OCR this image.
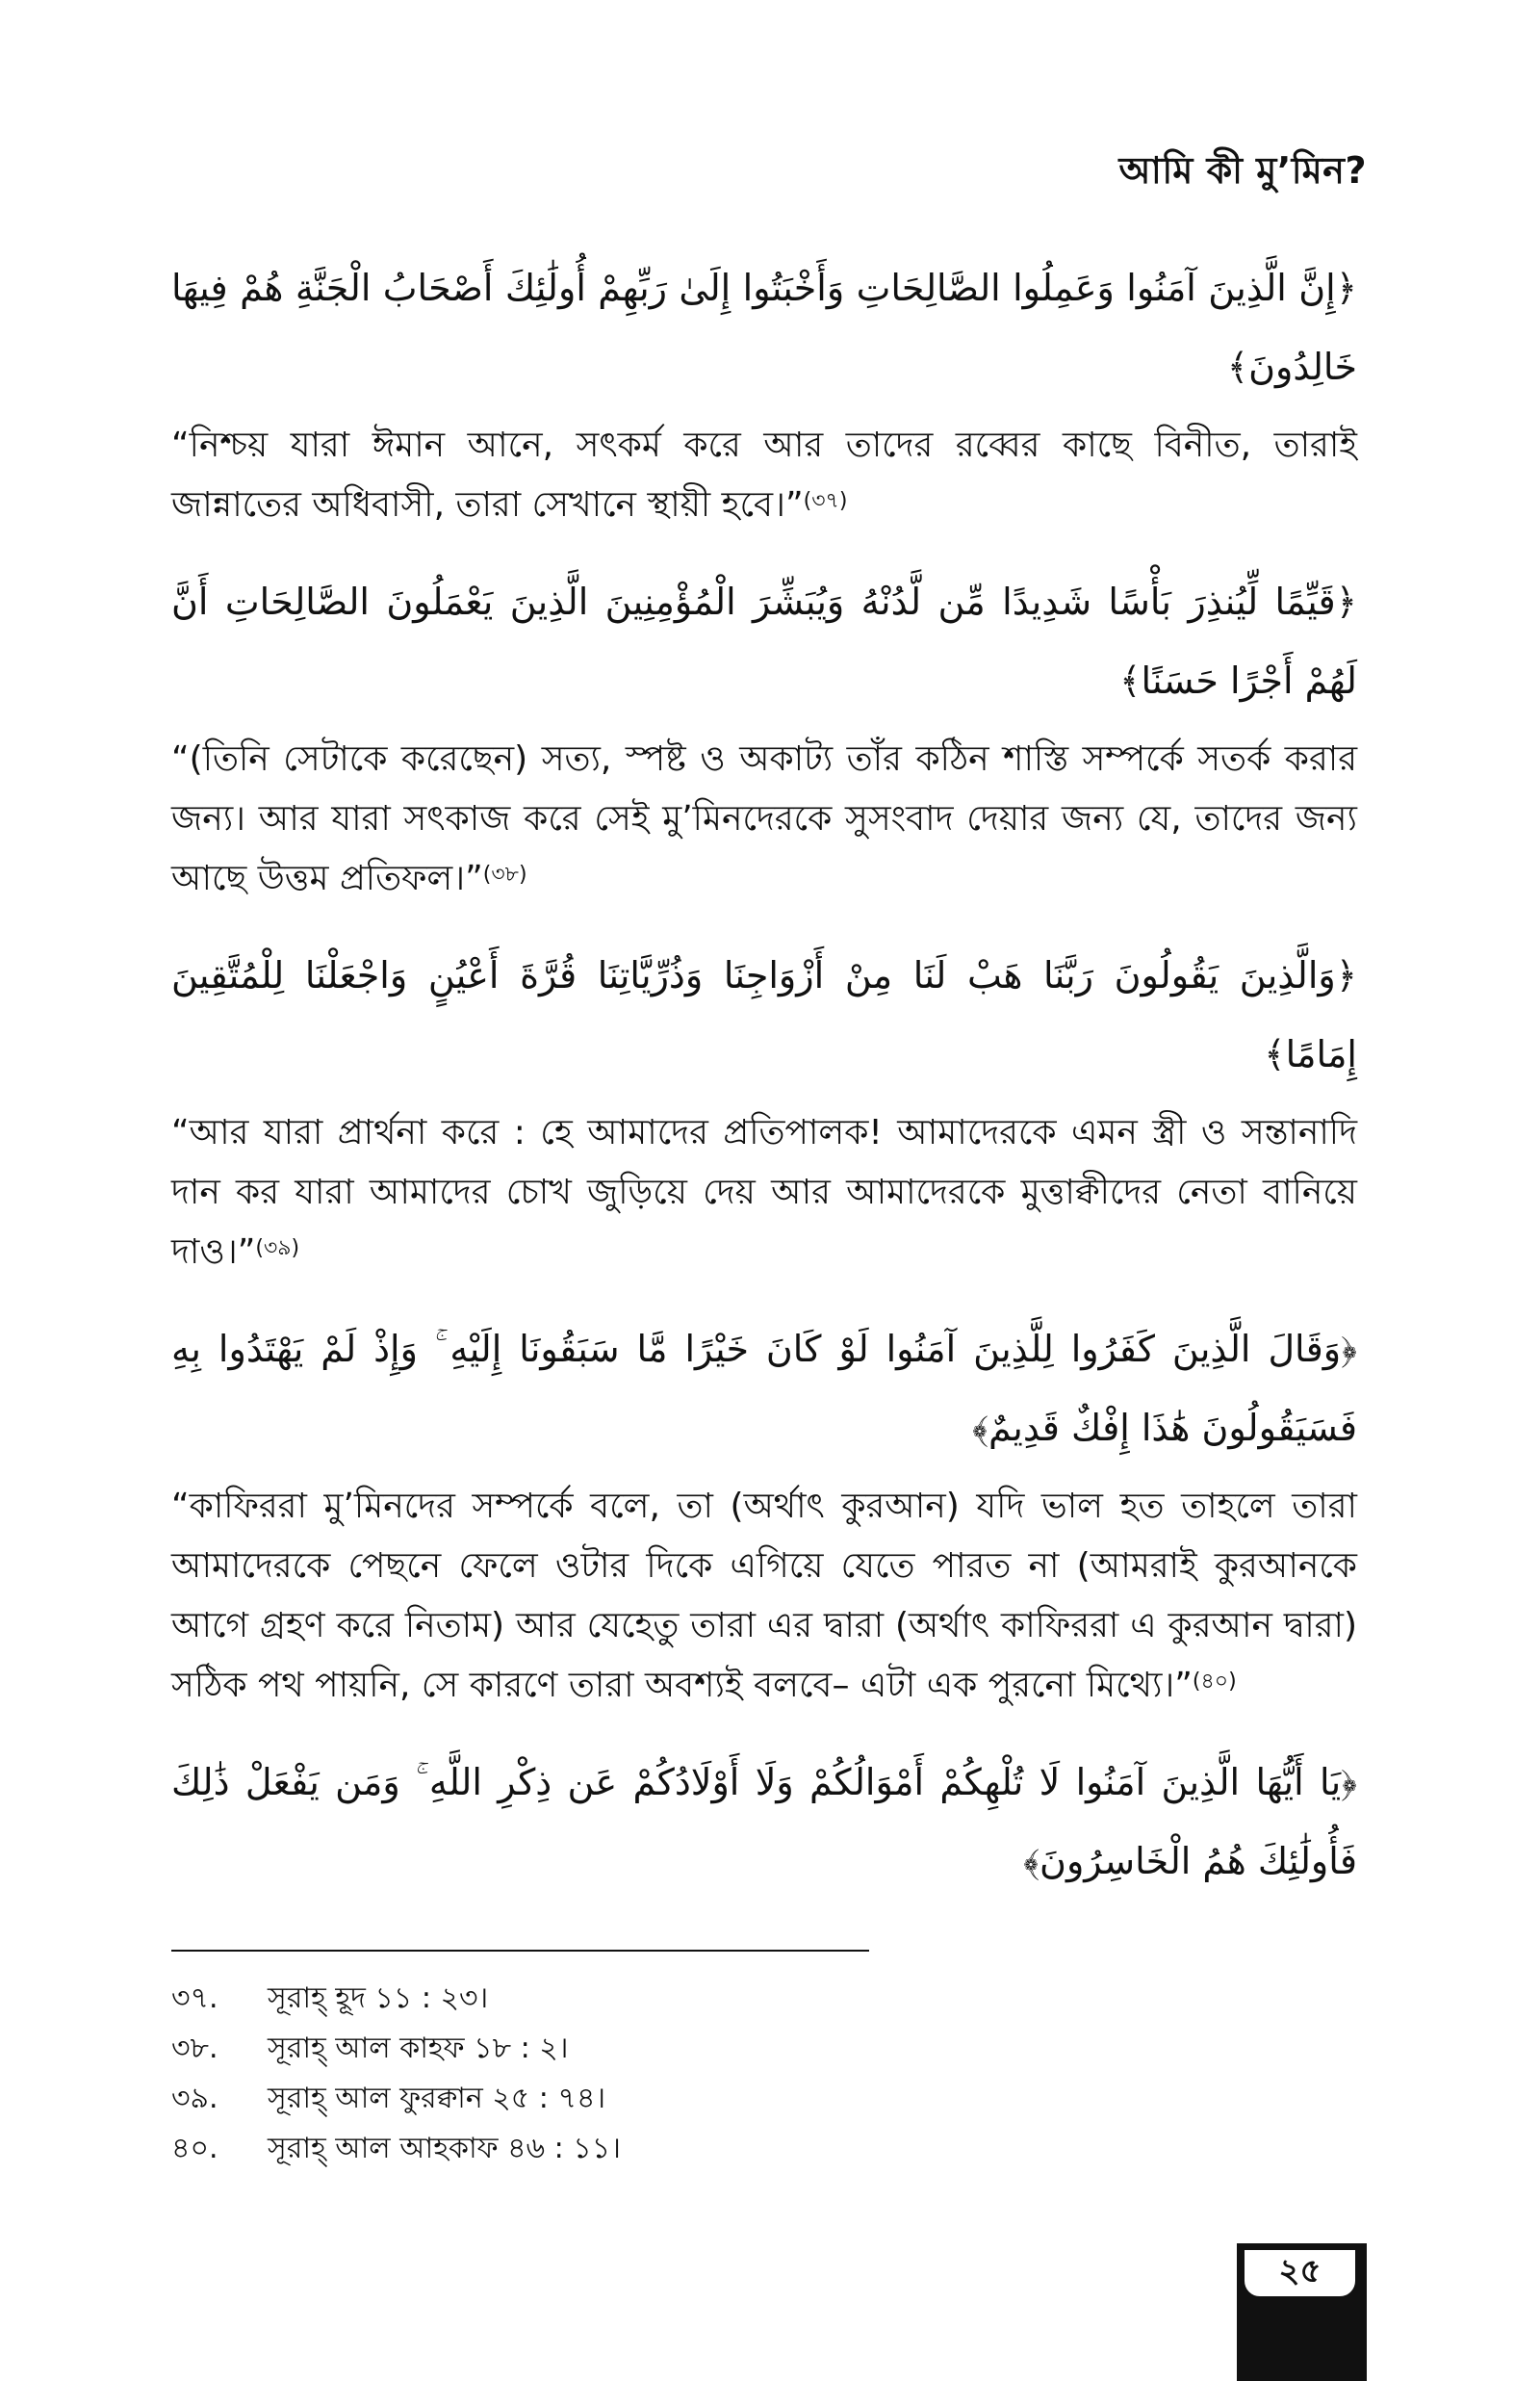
আমি কী মু’মিন?

﴿إِنَّ الَّذِينَ آمَنُوا وَعَمِلُوا الصَّالِحَاتِ وَأَخْبَتُوا إِلَىٰ رَبِّهِمْ أُولَٰئِكَ أَصْحَابُ الْجَنَّةِ هُمْ فِيهَا خَالِدُونَ﴾

“নিশ্চয় যারা ঈমান আনে, সৎকর্ম করে আর তাদের রব্বের কাছে বিনীত, তারাই জান্নাতের অধিবাসী, তারা সেখানে স্থায়ী হবে।”$^{(৩৭)}$

﴿قَيِّمًا لِّيُنذِرَ بَأْسًا شَدِيدًا مِّن لَّدُنْهُ وَيُبَشِّرَ الْمُؤْمِنِينَ الَّذِينَ يَعْمَلُونَ الصَّالِحَاتِ أَنَّ لَهُمْ أَجْرًا حَسَنًا﴾

“(তিনি সেটাকে করেছেন) সত্য, স্পষ্ট ও অকাট্য তাঁর কঠিন শাস্তি সম্পর্কে সতর্ক করার জন্য। আর যারা সৎকাজ করে সেই মু’মিনদেরকে সুসংবাদ দেয়ার জন্য যে, তাদের জন্য আছে উত্তম প্রতিফল।”$^{(৩৮)}$

﴿وَالَّذِينَ يَقُولُونَ رَبَّنَا هَبْ لَنَا مِنْ أَزْوَاجِنَا وَذُرِّيَّاتِنَا قُرَّةَ أَعْيُنٍ وَاجْعَلْنَا لِلْمُتَّقِينَ إِمَامًا﴾

“আর যারা প্রার্থনা করে : হে আমাদের প্রতিপালক! আমাদেরকে এমন স্ত্রী ও সন্তানাদি দান কর যারা আমাদের চোখ জুড়িয়ে দেয় আর আমাদেরকে মুত্তাক্বীদের নেতা বানিয়ে দাও।”$^{(৩৯)}$

﴿وَقَالَ الَّذِينَ كَفَرُوا لِلَّذِينَ آمَنُوا لَوْ كَانَ خَيْرًا مَّا سَبَقُونَا إِلَيْهِ ۚ وَإِذْ لَمْ يَهْتَدُوا بِهِ فَسَيَقُولُونَ هَٰذَا إِفْكٌ قَدِيمٌ﴾

“কাফিররা মু’মিনদের সম্পর্কে বলে, তা (অর্থাৎ কুরআন) যদি ভাল হত তাহলে তারা আমাদেরকে পেছনে ফেলে ওটার দিকে এগিয়ে যেতে পারত না (আমরাই কুরআনকে আগে গ্রহণ করে নিতাম) আর যেহেতু তারা এর দ্বারা (অর্থাৎ কাফিররা এ কুরআন দ্বারা) সঠিক পথ পায়নি, সে কারণে তারা অবশ্যই বলবে– এটা এক পুরনো মিথ্যে।”$^{(৪০)}$

﴿يَا أَيُّهَا الَّذِينَ آمَنُوا لَا تُلْهِكُمْ أَمْوَالُكُمْ وَلَا أَوْلَادُكُمْ عَن ذِكْرِ اللَّهِ ۚ وَمَن يَفْعَلْ ذَٰلِكَ فَأُولَٰئِكَ هُمُ الْخَاسِرُونَ﴾

৩৭.	সূরাহ্ হূদ ১১ : ২৩।
৩৮.	সূরাহ্ আল কাহফ ১৮ : ২।
৩৯.	সূরাহ্ আল ফুরক্বান ২৫ : ৭৪।
৪০.	সূরাহ্ আল আহকাফ ৪৬ : ১১।
২৫
